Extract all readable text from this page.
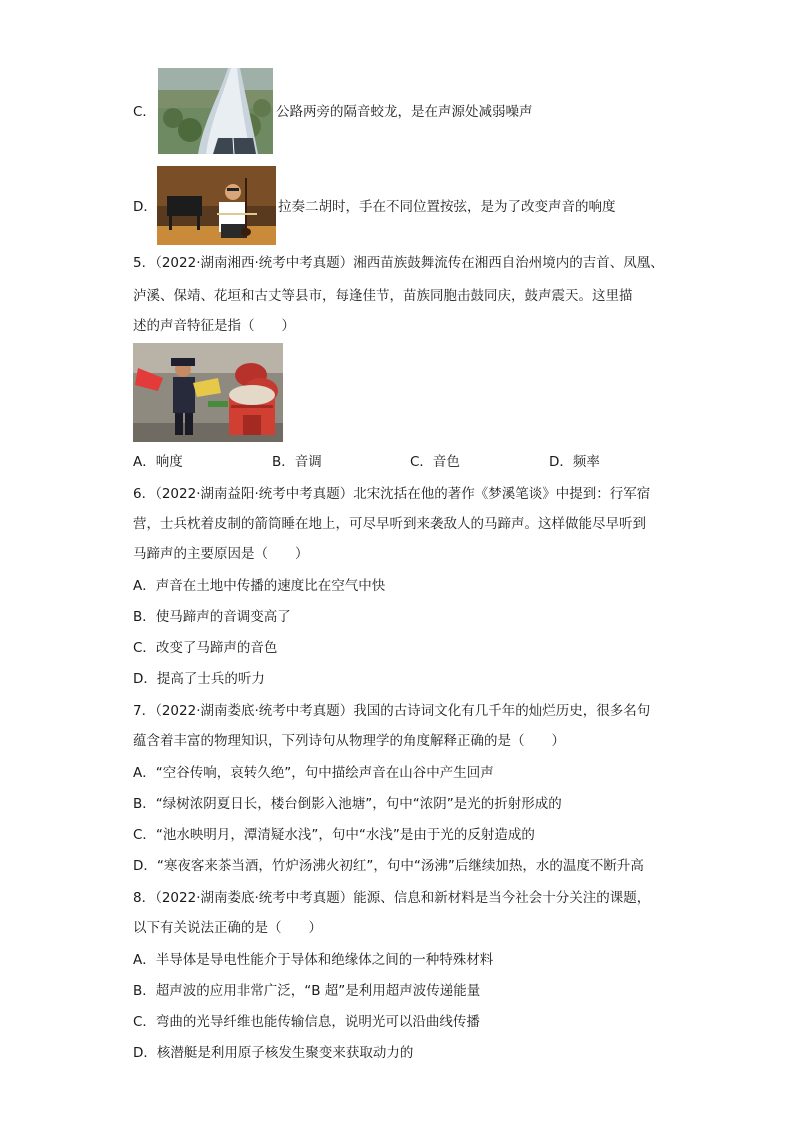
C．	公路两旁的隔音蛟龙，是在声源处减弱噪声
D．	拉奏二胡时，手在不同位置按弦，是为了改变声音的响度
5．（2022·湖南湘西·统考中考真题）湘西苗族鼓舞流传在湘西自治州境内的吉首、凤凰、
泸溪、保靖、花垣和古丈等县市，每逢佳节，苗族同胞击鼓同庆，鼓声震天。这里描
述的声音特征是指（　　）
A．响度	B．音调	C．音色	D．频率
6．（2022·湖南益阳·统考中考真题）北宋沈括在他的著作《梦溪笔谈》中提到：行军宿
营，士兵枕着皮制的箭筒睡在地上，可尽早听到来袭敌人的马蹄声。这样做能尽早听到
马蹄声的主要原因是（　　）
A．声音在土地中传播的速度比在空气中快
B．使马蹄声的音调变高了
C．改变了马蹄声的音色
D．提高了士兵的听力
7．（2022·湖南娄底·统考中考真题）我国的古诗词文化有几千年的灿烂历史，很多名句
蕴含着丰富的物理知识，下列诗句从物理学的角度解释正确的是（　　）
A．“空谷传响，哀转久绝”，句中描绘声音在山谷中产生回声
B．“绿树浓阴夏日长，楼台倒影入池塘”，句中“浓阴”是光的折射形成的
C．“池水映明月，潭清疑水浅”，句中“水浅”是由于光的反射造成的
D．“寒夜客来茶当酒，竹炉汤沸火初红”，句中“汤沸”后继续加热，水的温度不断升高
8．（2022·湖南娄底·统考中考真题）能源、信息和新材料是当今社会十分关注的课题，
以下有关说法正确的是（　　）
A．半导体是导电性能介于导体和绝缘体之间的一种特殊材料
B．超声波的应用非常广泛，“B 超”是利用超声波传递能量
C．弯曲的光导纤维也能传输信息，说明光可以沿曲线传播
D．核潜艇是利用原子核发生聚变来获取动力的
